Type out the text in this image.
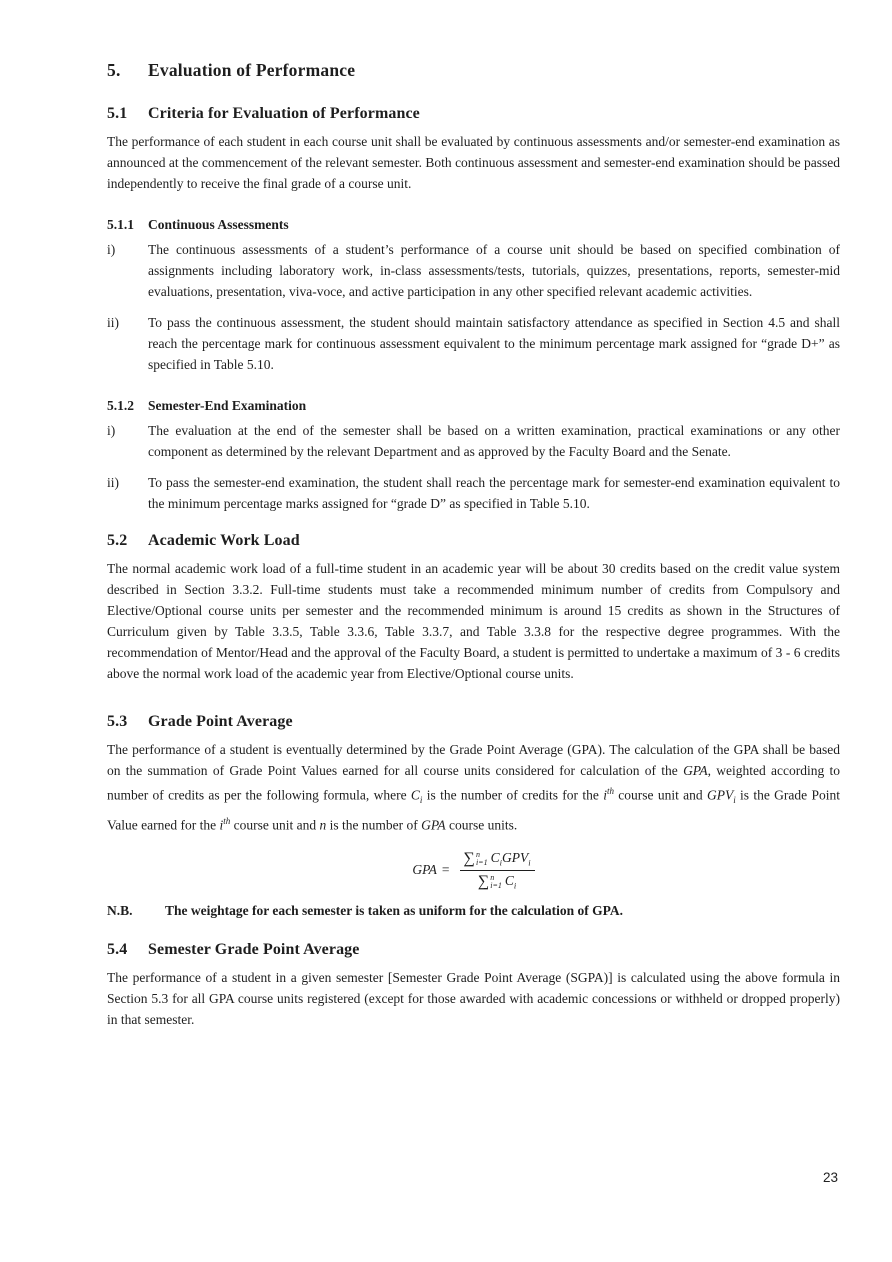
5.	Evaluation of Performance
5.1	Criteria for Evaluation of Performance

The performance of each student in each course unit shall be evaluated by continuous assessments and/or semester-end examination as announced at the commencement of the relevant semester. Both continuous assessment and semester-end examination should be passed independently to receive the final grade of a course unit.

5.1.1	Continuous Assessments
i)	The continuous assessments of a student’s performance of a course unit should be based on specified combination of assignments including laboratory work, in-class assessments/tests, tutorials, quizzes, presentations, reports, semester-mid evaluations, presentation, viva-voce, and active participation in any other specified relevant academic activities.
ii)	To pass the continuous assessment, the student should maintain satisfactory attendance as specified in Section 4.5 and shall reach the percentage mark for continuous assessment equivalent to the minimum percentage mark assigned for “grade D+” as specified in Table 5.10.
5.1.2	Semester-End Examination
i)	The evaluation at the end of the semester shall be based on a written examination, practical examinations or any other component as determined by the relevant Department and as approved by the Faculty Board and the Senate.
ii)	To pass the semester-end examination, the student shall reach the percentage mark for semester-end examination equivalent to the minimum percentage marks assigned for “grade D” as specified in Table 5.10.
5.2	Academic Work Load

The normal academic work load of a full-time student in an academic year will be about 30 credits based on the credit value system described in Section 3.3.2. Full-time students must take a recommended minimum number of credits from Compulsory and Elective/Optional course units per semester and the recommended minimum is around 15 credits as shown in the Structures of Curriculum given by Table 3.3.5, Table 3.3.6, Table 3.3.7, and Table 3.3.8 for the respective degree programmes. With the recommendation of Mentor/Head and the approval of the Faculty Board, a student is permitted to undertake a maximum of 3 - 6 credits above the normal work load of the academic year from Elective/Optional course units.

5.3	Grade Point Average

The performance of a student is eventually determined by the Grade Point Average (GPA). The calculation of the GPA shall be based on the summation of Grade Point Values earned for all course units considered for calculation of the GPA, weighted according to number of credits as per the following formula, where $C_i$ is the number of credits for the $i^{th}$ course unit and $GPV_i$ is the Grade Point Value earned for the $i^{th}$ course unit and n is the number of GPA course units.

GPA =
∑ n
i=1 $C_iGPV_i$
∑ n
i=1 $C_i$
N.B.	The weightage for each semester is taken as uniform for the calculation of GPA.
5.4	Semester Grade Point Average

The performance of a student in a given semester [Semester Grade Point Average (SGPA)] is calculated using the above formula in Section 5.3 for all GPA course units registered (except for those awarded with academic concessions or withheld or dropped properly) in that semester.

23
